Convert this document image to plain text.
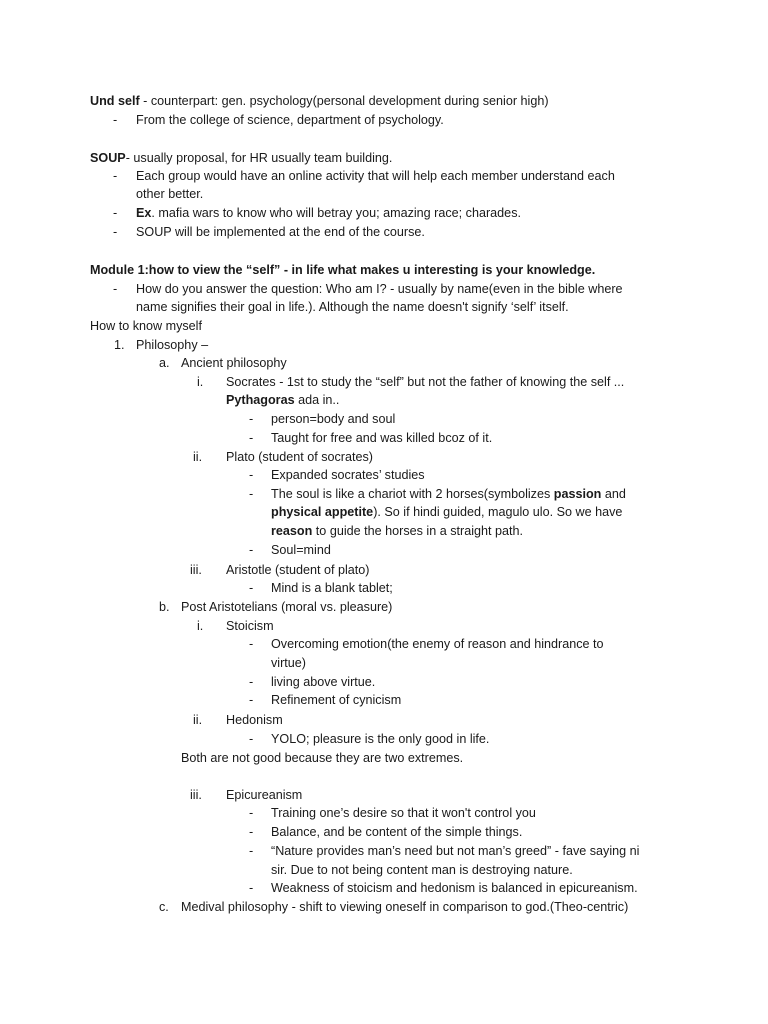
Und self - counterpart: gen. psychology(personal development during senior high)
- From the college of science, department of psychology.
SOUP- usually proposal, for HR usually team building.
- Each group would have an online activity that will help each member understand each
other better.
- Ex. mafia wars to know who will betray you; amazing race; charades.
- SOUP will be implemented at the end of the course.
Module 1:how to view the “self” - in life what makes u interesting is your knowledge.
- How do you answer the question: Who am I? - usually by name(even in the bible where
name signifies their goal in life.). Although the name doesn't signify ‘self’ itself.
How to know myself
1. Philosophy –
a. Ancient philosophy
i. Socrates - 1st to study the “self” but not the father of knowing the self ...
Pythagoras ada in..
- person=body and soul
- Taught for free and was killed bcoz of it.
ii. Plato (student of socrates)
- Expanded socrates’ studies
- The soul is like a chariot with 2 horses(symbolizes passion and
physical appetite). So if hindi guided, magulo ulo. So we have
reason to guide the horses in a straight path.
- Soul=mind
iii. Aristotle (student of plato)
- Mind is a blank tablet;
b. Post Aristotelians (moral vs. pleasure)
i. Stoicism
- Overcoming emotion(the enemy of reason and hindrance to
virtue)
- living above virtue.
- Refinement of cynicism
ii. Hedonism
- YOLO; pleasure is the only good in life.
Both are not good because they are two extremes.
iii. Epicureanism
- Training one’s desire so that it won't control you
- Balance, and be content of the simple things.
- “Nature provides man’s need but not man’s greed” - fave saying ni
sir. Due to not being content man is destroying nature.
- Weakness of stoicism and hedonism is balanced in epicureanism.
c. Medival philosophy - shift to viewing oneself in comparison to god.(Theo-centric)
